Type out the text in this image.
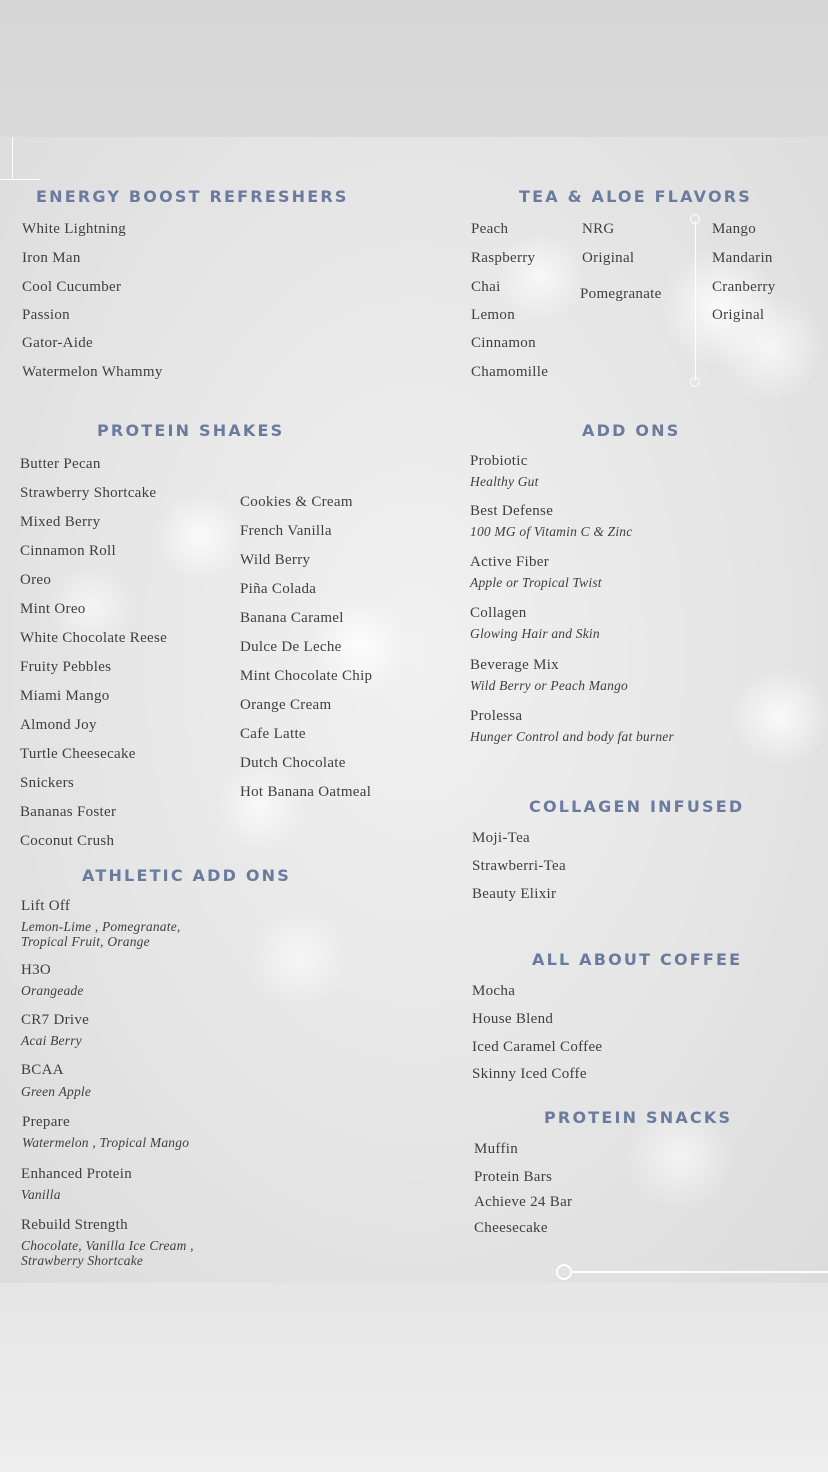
ENERGY BOOST REFRESHERS
White Lightning
Iron Man
Cool Cucumber
Passion
Gator-Aide
Watermelon Whammy
TEA & ALOE FLAVORS
Peach
Raspberry
Chai
Lemon
Cinnamon
Chamomille
NRG
Original
Pomegranate
Mango
Mandarin
Cranberry
Original
PROTEIN SHAKES
Butter Pecan
Strawberry Shortcake
Mixed Berry
Cinnamon Roll
Oreo
Mint Oreo
White Chocolate Reese
Fruity Pebbles
Miami Mango
Almond Joy
Turtle Cheesecake
Snickers
Bananas Foster
Coconut Crush
Cookies & Cream
French Vanilla
Wild Berry
Piña Colada
Banana Caramel
Dulce De Leche
Mint Chocolate Chip
Orange Cream
Cafe Latte
Dutch Chocolate
Hot Banana Oatmeal
ADD ONS
Probiotic
Healthy Gut
Best Defense
100 MG of Vitamin C & Zinc
Active Fiber
Apple or Tropical Twist
Collagen
Glowing Hair and Skin
Beverage Mix
Wild Berry or Peach Mango
Prolessa
Hunger Control and body fat burner
ATHLETIC ADD ONS
Lift Off
Lemon-Lime , Pomegranate,
Tropical Fruit, Orange
H3O
Orangeade
CR7 Drive
Acai Berry
BCAA
Green Apple
Prepare
Watermelon , Tropical Mango
Enhanced Protein
Vanilla
Rebuild Strength
Chocolate, Vanilla Ice Cream ,
Strawberry Shortcake
COLLAGEN INFUSED
Moji-Tea
Strawberri-Tea
Beauty Elixir
ALL ABOUT COFFEE
Mocha
House Blend
Iced Caramel Coffee
Skinny Iced Coffe
PROTEIN SNACKS
Muffin
Protein Bars
Achieve 24 Bar
Cheesecake
